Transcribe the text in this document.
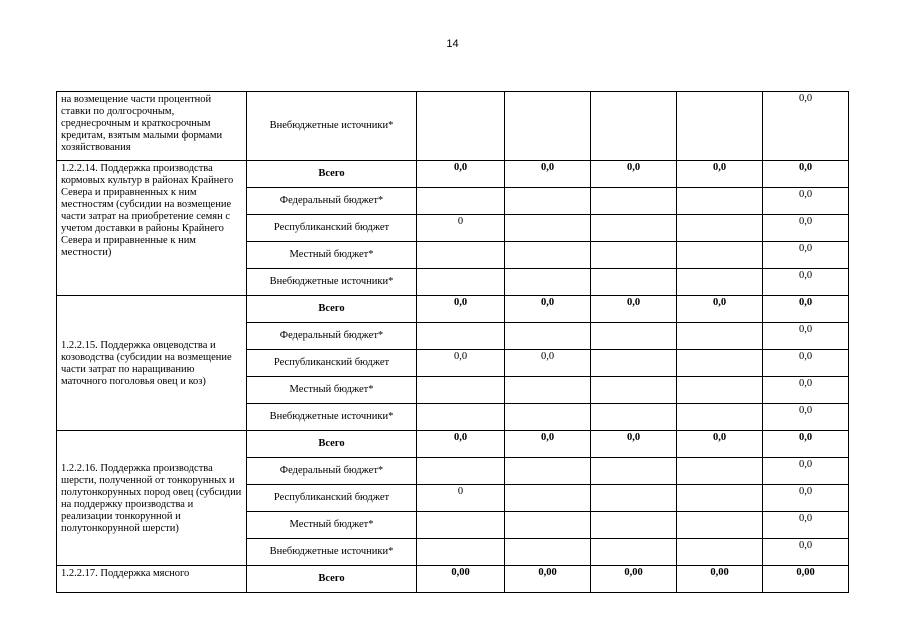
14
на возмещение части процентной ставки по долгосрочным, среднесрочным и краткосрочным кредитам, взятым малыми формами хозяйствования	Внебюджетные источники*					0,0
1.2.2.14. Поддержка производства кормовых культур в районах Крайнего Севера и приравненных к ним местностям (субсидии на возмещение части затрат на приобретение семян с учетом доставки в районы Крайнего Севера и приравненные к ним местности)	Всего	0,0	0,0	0,0	0,0	0,0
	Федеральный бюджет*					0,0
	Республиканский бюджет	0				0,0
	Местный бюджет*					0,0
	Внебюджетные источники*					0,0
1.2.2.15. Поддержка овцеводства и козоводства (субсидии на возмещение части затрат по наращиванию маточного поголовья овец и коз)	Всего	0,0	0,0	0,0	0,0	0,0
	Федеральный бюджет*					0,0
	Республиканский бюджет	0,0	0,0			0,0
	Местный бюджет*					0,0
	Внебюджетные источники*					0,0
1.2.2.16. Поддержка производства шерсти, полученной от тонкорунных и полутонкорунных пород овец (субсидии на поддержку производства и реализации тонкорунной и полутонкорунной шерсти)	Всего	0,0	0,0	0,0	0,0	0,0
	Федеральный бюджет*					0,0
	Республиканский бюджет	0				0,0
	Местный бюджет*					0,0
	Внебюджетные источники*					0,0
1.2.2.17. Поддержка мясного	Всего	0,00	0,00	0,00	0,00	0,00
